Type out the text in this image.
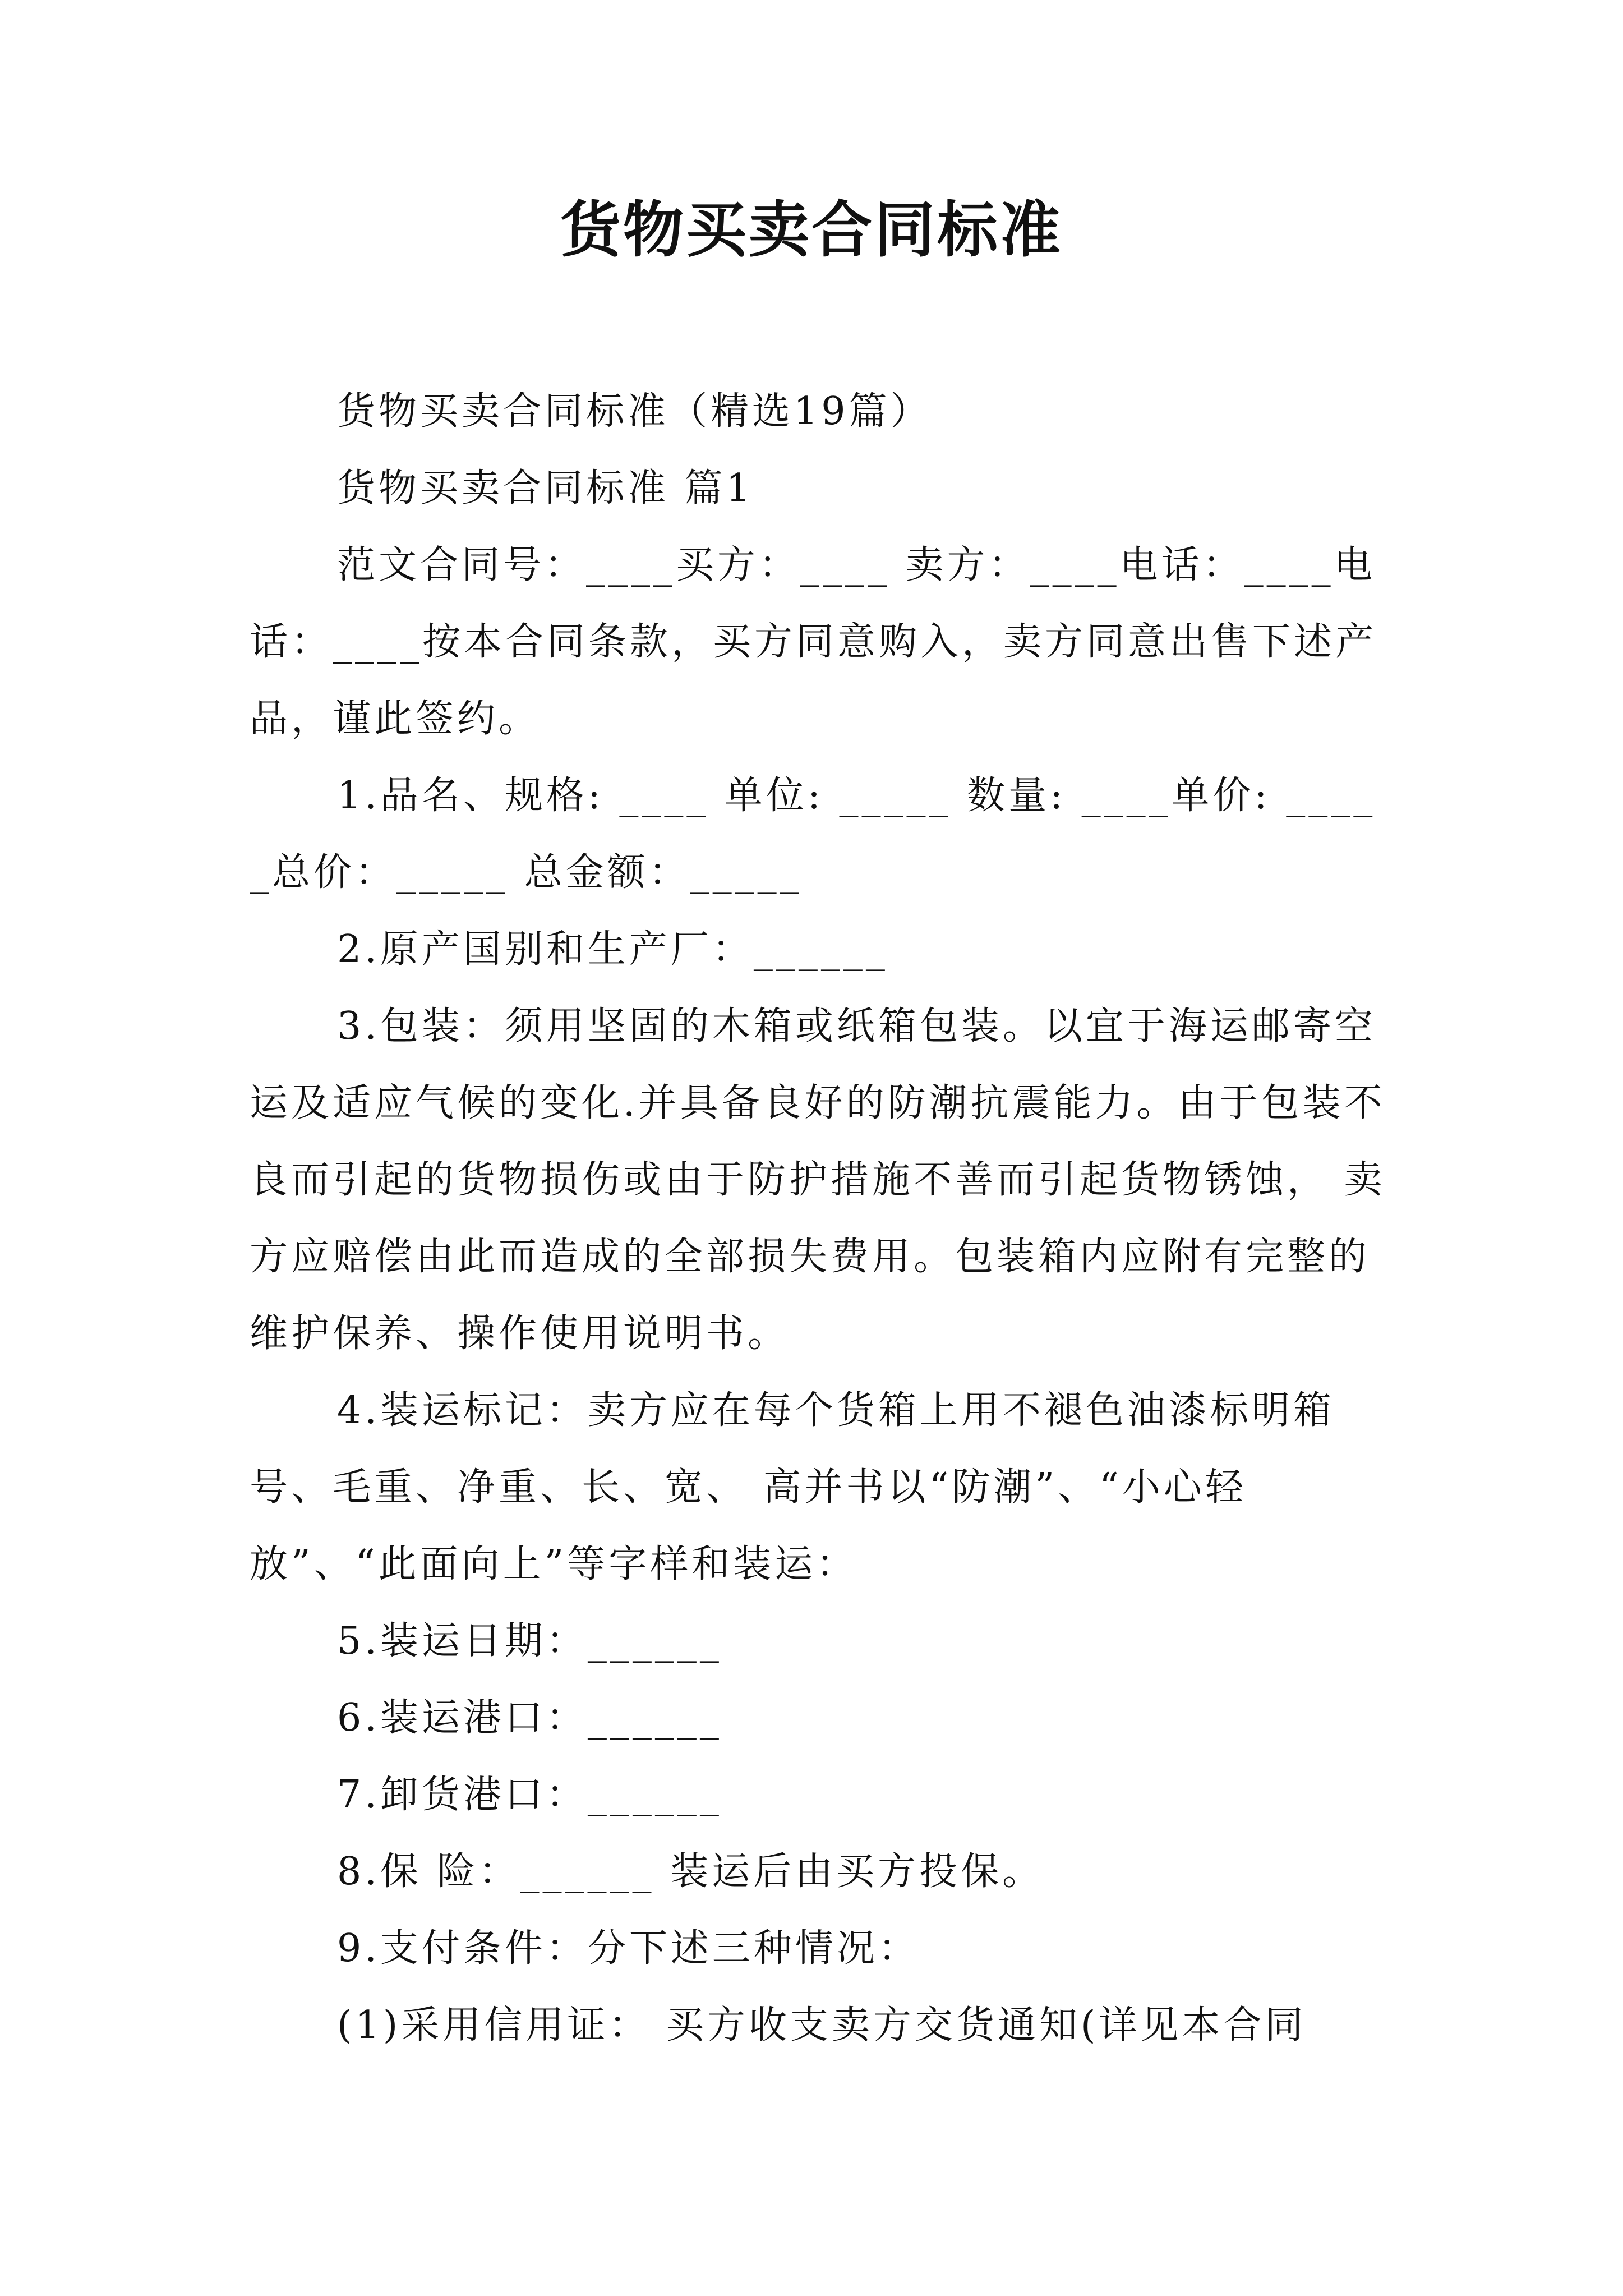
货物买卖合同标准

货物买卖合同标准（精选19篇）

货物买卖合同标准 篇1

范文合同号：____买方：____ 卖方：____电话：____电话：____按本合同条款，买方同意购入，卖方同意出售下述产品，谨此签约。

1.品名、规格: ____ 单位: _____ 数量: ____单价: _____总价：_____ 总金额：_____

2.原产国别和生产厂：______

3.包装：须用坚固的木箱或纸箱包装。以宜于海运邮寄空运及适应气候的变化.并具备良好的防潮抗震能力。由于包装不良而引起的货物损伤或由于防护措施不善而引起货物锈蚀， 卖方应赔偿由此而造成的全部损失费用。包装箱内应附有完整的维护保养、操作使用说明书。

4.装运标记：卖方应在每个货箱上用不褪色油漆标明箱号、毛重、净重、长、宽、 高并书以“防潮”、“小心轻放”、“此面向上”等字样和装运：

5.装运日期：______

6.装运港口：______

7.卸货港口：______

8.保 险：______ 装运后由买方投保。

9.支付条件：分下述三种情况：

(1)采用信用证： 买方收支卖方交货通知(详见本合同
